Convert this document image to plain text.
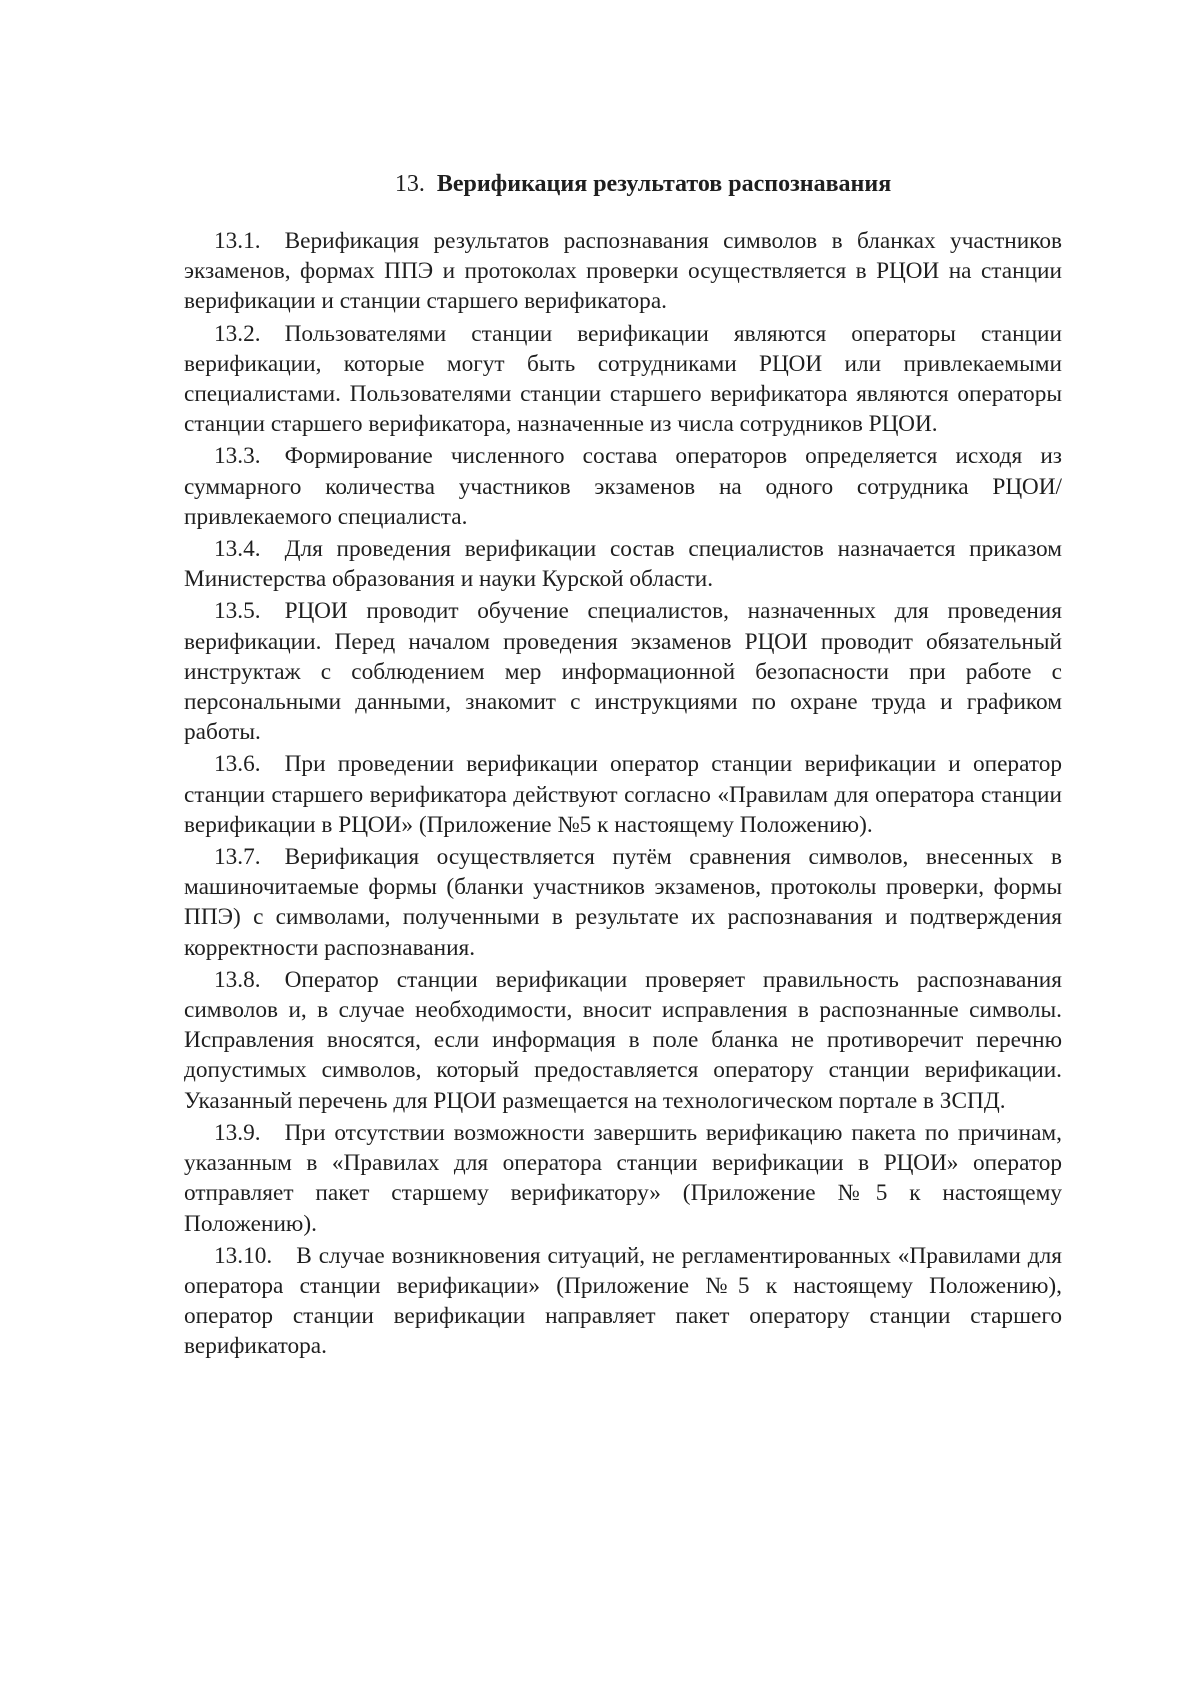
13. Верификация результатов распознавания

13.1. Верификация результатов распознавания символов в бланках участников экзаменов, формах ППЭ и протоколах проверки осуществляется в РЦОИ на станции верификации и станции старшего верификатора.

13.2. Пользователями станции верификации являются операторы станции верификации, которые могут быть сотрудниками РЦОИ или привлекаемыми специалистами. Пользователями станции старшего верификатора являются операторы станции старшего верификатора, назначенные из числа сотрудников РЦОИ.

13.3. Формирование численного состава операторов определяется исходя из суммарного количества участников экзаменов на одного сотрудника РЦОИ/привлекаемого специалиста.

13.4. Для проведения верификации состав специалистов назначается приказом Министерства образования и науки Курской области.

13.5. РЦОИ проводит обучение специалистов, назначенных для проведения верификации. Перед началом проведения экзаменов РЦОИ проводит обязательный инструктаж с соблюдением мер информационной безопасности при работе с персональными данными, знакомит с инструкциями по охране труда и графиком работы.

13.6. При проведении верификации оператор станции верификации и оператор станции старшего верификатора действуют согласно «Правилам для оператора станции верификации в РЦОИ» (Приложение №5 к настоящему Положению).

13.7. Верификация осуществляется путём сравнения символов, внесенных в машиночитаемые формы (бланки участников экзаменов, протоколы проверки, формы ППЭ) с символами, полученными в результате их распознавания и подтверждения корректности распознавания.

13.8. Оператор станции верификации проверяет правильность распознавания символов и, в случае необходимости, вносит исправления в распознанные символы. Исправления вносятся, если информация в поле бланка не противоречит перечню допустимых символов, который предоставляется оператору станции верификации. Указанный перечень для РЦОИ размещается на технологическом портале в ЗСПД.

13.9. При отсутствии возможности завершить верификацию пакета по причинам, указанным в «Правилах для оператора станции верификации в РЦОИ» оператор отправляет пакет старшему верификатору» (Приложение №5 к настоящему Положению).

13.10. В случае возникновения ситуаций, не регламентированных «Правилами для оператора станции верификации» (Приложение №5 к настоящему Положению), оператор станции верификации направляет пакет оператору станции старшего верификатора.
